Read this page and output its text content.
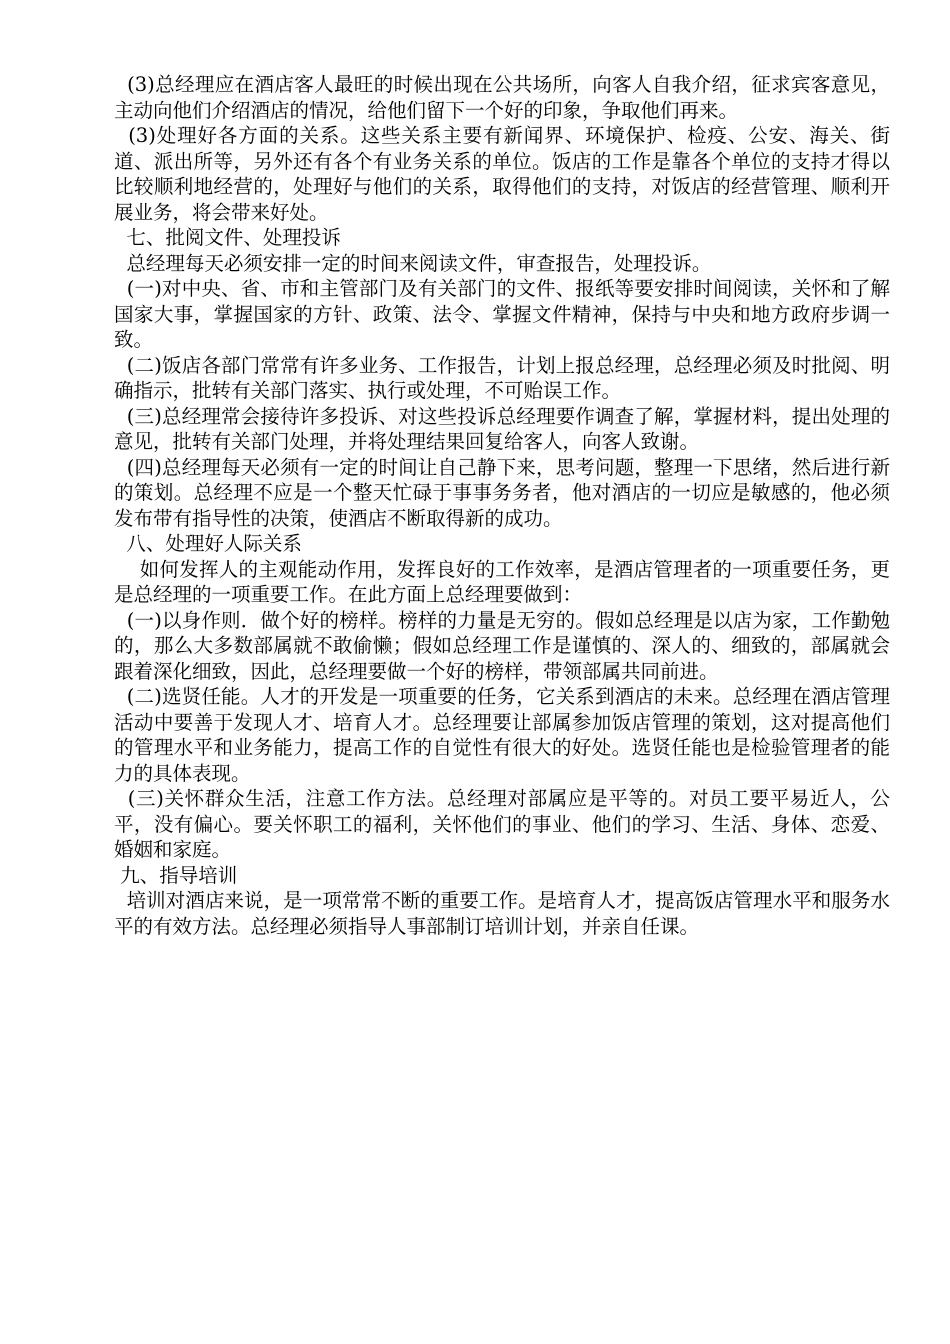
(3)总经理应在酒店客人最旺的时候出现在公共场所，向客人自我介绍，征求宾客意见，主动向他们介绍酒店的情况，给他们留下一个好的印象，争取他们再来。

(3)处理好各方面的关系。这些关系主要有新闻界、环境保护、检疫、公安、海关、街道、派出所等，另外还有各个有业务关系的单位。饭店的工作是靠各个单位的支持才得以比较顺利地经营的，处理好与他们的关系，取得他们的支持，对饭店的经营管理、顺利开展业务，将会带来好处。

七、批阅文件、处理投诉

总经理每天必须安排一定的时间来阅读文件，审查报告，处理投诉。

(一)对中央、省、市和主管部门及有关部门的文件、报纸等要安排时间阅读，关怀和了解国家大事，掌握国家的方针、政策、法令、掌握文件精神，保持与中央和地方政府步调一致。

(二)饭店各部门常常有许多业务、工作报告，计划上报总经理，总经理必须及时批阅、明确指示，批转有关部门落实、执行或处理，不可贻误工作。

(三)总经理常会接待许多投诉、对这些投诉总经理要作调查了解，掌握材料，提出处理的意见，批转有关部门处理，并将处理结果回复给客人，向客人致谢。

(四)总经理每天必须有一定的时间让自己静下来，思考问题，整理一下思绪，然后进行新的策划。总经理不应是一个整天忙碌于事事务务者，他对酒店的一切应是敏感的，他必须发布带有指导性的决策，使酒店不断取得新的成功。

八、处理好人际关系

如何发挥人的主观能动作用，发挥良好的工作效率，是酒店管理者的一项重要任务，更是总经理的一项重要工作。在此方面上总经理要做到：

(一)以身作则．做个好的榜样。榜样的力量是无穷的。假如总经理是以店为家，工作勤勉的，那么大多数部属就不敢偷懒；假如总经理工作是谨慎的、深人的、细致的，部属就会跟着深化细致，因此，总经理要做一个好的榜样，带领部属共同前进。

(二)选贤任能。人才的开发是一项重要的任务，它关系到酒店的未来。总经理在酒店管理活动中要善于发现人才、培育人才。总经理要让部属参加饭店管理的策划，这对提高他们的管理水平和业务能力，提高工作的自觉性有很大的好处。选贤任能也是检验管理者的能力的具体表现。

(三)关怀群众生活，注意工作方法。总经理对部属应是平等的。对员工要平易近人，公平，没有偏心。要关怀职工的福利，关怀他们的事业、他们的学习、生活、身体、恋爱、婚姻和家庭。

九、指导培训

培训对酒店来说，是一项常常不断的重要工作。是培育人才，提高饭店管理水平和服务水平的有效方法。总经理必须指导人事部制订培训计划，并亲自任课。
